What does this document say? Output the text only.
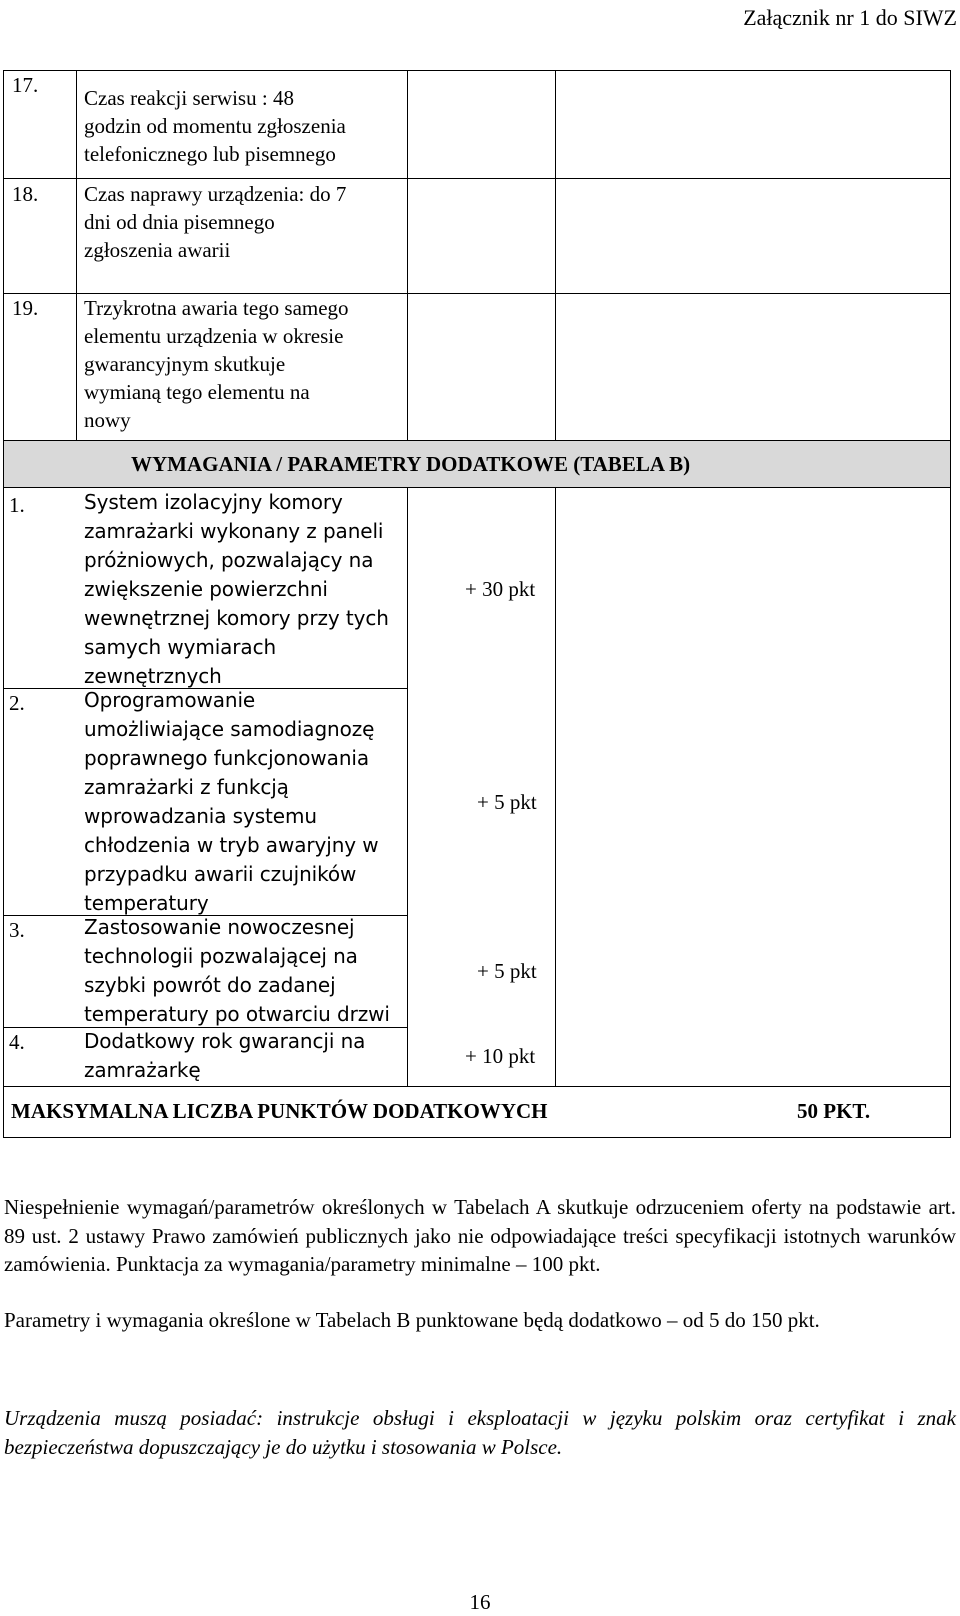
Załącznik nr 1 do SIWZ
17.
Czas reakcji serwisu : 48
godzin od momentu zgłoszenia
telefonicznego lub pisemnego
18. Czas naprawy urządzenia: do 7
dni od dnia pisemnego
zgłoszenia awarii
19. Trzykrotna awaria tego samego
elementu urządzenia w okresie
gwarancyjnym skutkuje
wymianą tego elementu na
nowy
WYMAGANIA / PARAMETRY DODATKOWE (TABELA B)
1.	System izolacyjny komory
zamrażarki wykonany z paneli
próżniowych, pozwalający na
zwiększenie powierzchni
wewnętrznej komory przy tych
samych wymiarach
zewnętrznych
+ 30 pkt
2.	Oprogramowanie
umożliwiające samodiagnozę
poprawnego funkcjonowania
zamrażarki z funkcją
wprowadzania systemu
chłodzenia w tryb awaryjny w
przypadku awarii czujników
temperatury
+ 5 pkt
3.	Zastosowanie nowoczesnej
technologii pozwalającej na
szybki powrót do zadanej
temperatury po otwarciu drzwi
+ 5 pkt
4.	Dodatkowy rok gwarancji na
zamrażarkę
+ 10 pkt
MAKSYMALNA LICZBA PUNKTÓW DODATKOWYCH	50 PKT.
Niespełnienie wymagań/parametrów określonych w Tabelach A skutkuje odrzuceniem oferty na podstawie art. 89 ust. 2 ustawy Prawo zamówień publicznych jako nie odpowiadające treści specyfikacji istotnych warunków zamówienia. Punktacja za wymagania/parametry minimalne – 100 pkt.
Parametry i wymagania określone w Tabelach B punktowane będą dodatkowo – od 5 do 150 pkt.
Urządzenia muszą posiadać: instrukcje obsługi i eksploatacji w języku polskim oraz certyfikat i znak bezpieczeństwa dopuszczający je do użytku i stosowania w Polsce.
16
